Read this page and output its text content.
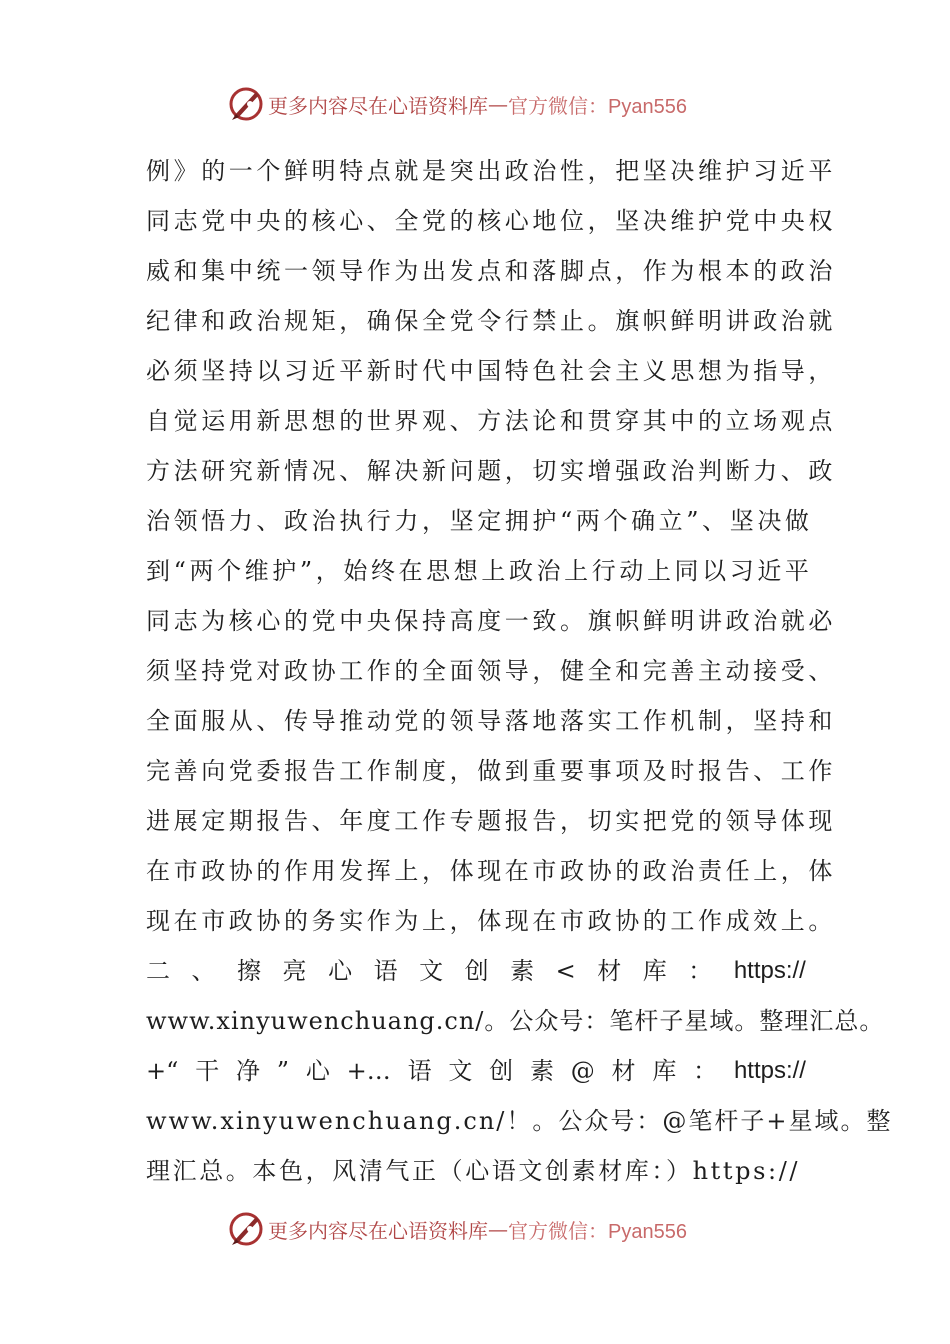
更多内容尽在心语资料库 — 官方微信：Pyan556
例》的一个鲜明特点就是突出政治性，把坚决维护习近平
同志党中央的核心、全党的核心地位，坚决维护党中央权
威和集中统一领导作为出发点和落脚点，作为根本的政治
纪律和政治规矩，确保全党令行禁止。旗帜鲜明讲政治就
必须坚持以习近平新时代中国特色社会主义思想为指导，
自觉运用新思想的世界观、方法论和贯穿其中的立场观点
方法研究新情况、解决新问题，切实增强政治判断力、政
治领悟力、政治执行力，坚定拥护“两个确立”、坚决做
到“两个维护”，始终在思想上政治上行动上同以习近平
同志为核心的党中央保持高度一致。旗帜鲜明讲政治就必
须坚持党对政协工作的全面领导，健全和完善主动接受、
全面服从、传导推动党的领导落地落实工作机制，坚持和
完善向党委报告工作制度，做到重要事项及时报告、工作
进展定期报告、年度工作专题报告，切实把党的领导体现
在市政协的作用发挥上，体现在市政协的政治责任上，体
现在市政协的务实作为上，体现在市政协的工作成效上。
二 、 擦 亮 心 语 文 创 素 < 材 库 ： https://
www.xinyuwenchuang.cn/。公众号：笔杆子星域。整理汇总。
+“ 干 净 ” 心 +… 语 文 创 素 @ 材 库 ： https://
www.xinyuwenchuang.cn/！。公众号：@笔杆子+星域。整
理汇总。本色，风清气正（心语文创素材库：）https://
更多内容尽在心语资料库 — 官方微信：Pyan556
